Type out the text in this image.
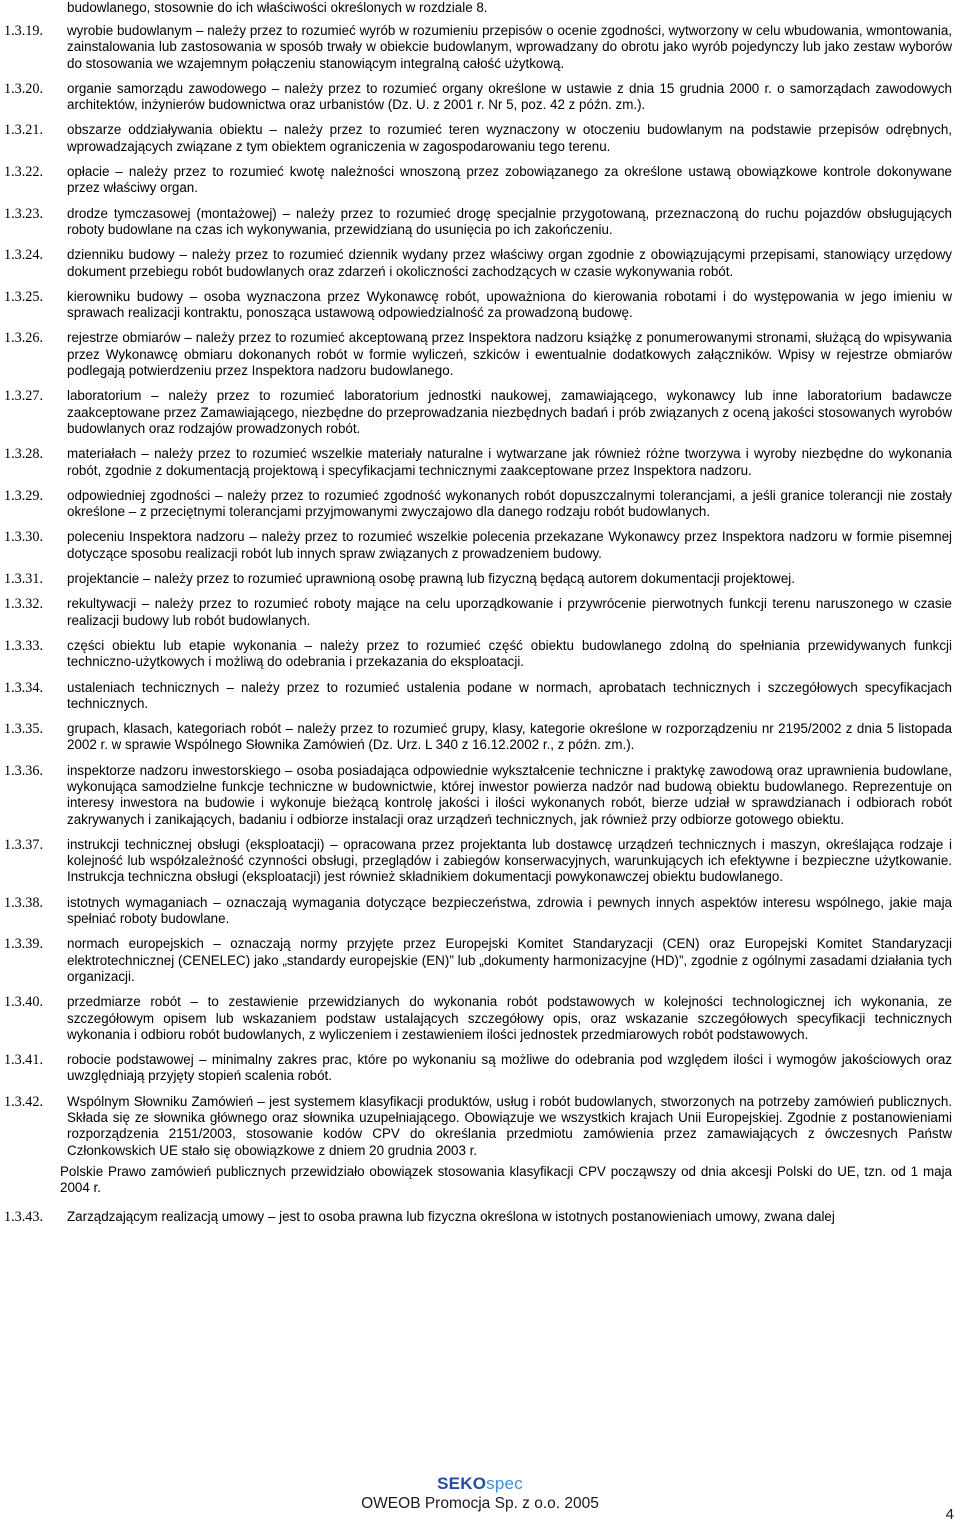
budowlanego, stosownie do ich właściwości określonych w rozdziale 8.
1.3.19.	wyrobie budowlanym – należy przez to rozumieć wyrób w rozumieniu przepisów o ocenie zgodności, wytworzony w celu wbudowania, wmontowania, zainstalowania lub zastosowania w sposób trwały w obiekcie budowlanym, wprowadzany do obrotu jako wyrób pojedynczy lub jako zestaw wyborów do stosowania we wzajemnym połączeniu stanowiącym integralną całość użytkową.
1.3.20.	organie samorządu zawodowego – należy przez to rozumieć organy określone w ustawie z dnia 15 grudnia 2000 r. o samorządach zawodowych architektów, inżynierów budownictwa oraz urbanistów (Dz. U. z 2001 r. Nr 5, poz. 42 z późn. zm.).
1.3.21.	obszarze oddziaływania obiektu – należy przez to rozumieć teren wyznaczony w otoczeniu budowlanym na podstawie przepisów odrębnych, wprowadzających związane z tym obiektem ograniczenia w zagospodarowaniu tego terenu.
1.3.22.	opłacie – należy przez to rozumieć kwotę należności wnoszoną przez zobowiązanego za określone ustawą obowiązkowe kontrole dokonywane przez właściwy organ.
1.3.23.	drodze tymczasowej (montażowej) – należy przez to rozumieć drogę specjalnie przygotowaną, przeznaczoną do ruchu pojazdów obsługujących roboty budowlane na czas ich wykonywania, przewidzianą do usunięcia po ich zakończeniu.
1.3.24.	dzienniku budowy – należy przez to rozumieć dziennik wydany przez właściwy organ zgodnie z obowiązującymi przepisami, stanowiący urzędowy dokument przebiegu robót budowlanych oraz zdarzeń i okoliczności zachodzących w czasie wykonywania robót.
1.3.25.	kierowniku budowy – osoba wyznaczona przez Wykonawcę robót, upoważniona do kierowania robotami i do występowania w jego imieniu w sprawach realizacji kontraktu, ponosząca ustawową odpowiedzialność za prowadzoną budowę.
1.3.26.	rejestrze obmiarów – należy przez to rozumieć akceptowaną przez Inspektora nadzoru książkę z ponumerowanymi stronami, służącą do wpisywania przez Wykonawcę obmiaru dokonanych robót w formie wyliczeń, szkiców i ewentualnie dodatkowych załączników. Wpisy w rejestrze obmiarów podlegają potwierdzeniu przez Inspektora nadzoru budowlanego.
1.3.27.	laboratorium – należy przez to rozumieć laboratorium jednostki naukowej, zamawiającego, wykonawcy lub inne laboratorium badawcze zaakceptowane przez Zamawiającego, niezbędne do przeprowadzania niezbędnych badań i prób związanych z oceną jakości stosowanych wyrobów budowlanych oraz rodzajów prowadzonych robót.
1.3.28.	materiałach – należy przez to rozumieć wszelkie materiały naturalne i wytwarzane jak również różne tworzywa i wyroby niezbędne do wykonania robót, zgodnie z dokumentacją projektową i specyfikacjami technicznymi zaakceptowane przez Inspektora nadzoru.
1.3.29.	odpowiedniej zgodności – należy przez to rozumieć zgodność wykonanych robót dopuszczalnymi tolerancjami, a jeśli granice tolerancji nie zostały określone – z przeciętnymi tolerancjami przyjmowanymi zwyczajowo dla danego rodzaju robót budowlanych.
1.3.30.	poleceniu Inspektora nadzoru – należy przez to rozumieć wszelkie polecenia przekazane Wykonawcy przez Inspektora nadzoru w formie pisemnej dotyczące sposobu realizacji robót lub innych spraw związanych z prowadzeniem budowy.
1.3.31.	projektancie – należy przez to rozumieć uprawnioną osobę prawną lub fizyczną będącą autorem dokumentacji projektowej.
1.3.32.	rekultywacji – należy przez to rozumieć roboty mające na celu uporządkowanie i przywrócenie pierwotnych funkcji terenu naruszonego w czasie realizacji budowy lub robót budowlanych.
1.3.33.	części obiektu lub etapie wykonania – należy przez to rozumieć część obiektu budowlanego zdolną do spełniania przewidywanych funkcji techniczno-użytkowych i możliwą do odebrania i przekazania do eksploatacji.
1.3.34.	ustaleniach technicznych – należy przez to rozumieć ustalenia podane w normach, aprobatach technicznych i szczegółowych specyfikacjach technicznych.
1.3.35.	grupach, klasach, kategoriach robót – należy przez to rozumieć grupy, klasy, kategorie określone w rozporządzeniu nr 2195/2002 z dnia 5 listopada 2002 r. w sprawie Wspólnego Słownika Zamówień (Dz. Urz. L 340 z 16.12.2002 r., z późn. zm.).
1.3.36.	inspektorze nadzoru inwestorskiego – osoba posiadająca odpowiednie wykształcenie techniczne i praktykę zawodową oraz uprawnienia budowlane, wykonująca samodzielne funkcje techniczne w budownictwie, której inwestor powierza nadzór nad budową obiektu budowlanego. Reprezentuje on interesy inwestora na budowie i wykonuje bieżącą kontrolę jakości i ilości wykonanych robót, bierze udział w sprawdzianach i odbiorach robót zakrywanych i zanikających, badaniu i odbiorze instalacji oraz urządzeń technicznych, jak również przy odbiorze gotowego obiektu.
1.3.37.	instrukcji technicznej obsługi (eksploatacji) – opracowana przez projektanta lub dostawcę urządzeń technicznych i maszyn, określająca rodzaje i kolejność lub współzależność czynności obsługi, przeglądów i zabiegów konserwacyjnych, warunkujących ich efektywne i bezpieczne użytkowanie. Instrukcja techniczna obsługi (eksploatacji) jest również składnikiem dokumentacji powykonawczej obiektu budowlanego.
1.3.38.	istotnych wymaganiach – oznaczają wymagania dotyczące bezpieczeństwa, zdrowia i pewnych innych aspektów interesu wspólnego, jakie maja spełniać roboty budowlane.
1.3.39.	normach europejskich – oznaczają normy przyjęte przez Europejski Komitet Standaryzacji (CEN) oraz Europejski Komitet Standaryzacji elektrotechnicznej (CENELEC) jako „standardy europejskie (EN)” lub „dokumenty harmonizacyjne (HD)”, zgodnie z ogólnymi zasadami działania tych organizacji.
1.3.40.	przedmiarze robót – to zestawienie przewidzianych do wykonania robót podstawowych w kolejności technologicznej ich wykonania, ze szczegółowym opisem lub wskazaniem podstaw ustalających szczegółowy opis, oraz wskazanie szczegółowych specyfikacji technicznych wykonania i odbioru robót budowlanych, z wyliczeniem i zestawieniem ilości jednostek przedmiarowych robót podstawowych.
1.3.41.	robocie podstawowej – minimalny zakres prac, które po wykonaniu są możliwe do odebrania pod względem ilości i wymogów jakościowych oraz uwzględniają przyjęty stopień scalenia robót.
1.3.42.	Wspólnym Słowniku Zamówień – jest systemem klasyfikacji produktów, usług i robót budowlanych, stworzonych na potrzeby zamówień publicznych. Składa się ze słownika głównego oraz słownika uzupełniającego. Obowiązuje we wszystkich krajach Unii Europejskiej. Zgodnie z postanowieniami rozporządzenia 2151/2003, stosowanie kodów CPV do określania przedmiotu zamówienia przez zamawiających z ówczesnych Państw Członkowskich UE stało się obowiązkowe z dniem 20 grudnia 2003 r.
Polskie Prawo zamówień publicznych przewidziało obowiązek stosowania klasyfikacji CPV począwszy od dnia akcesji Polski do UE, tzn. od 1 maja 2004 r.
1.3.43.	Zarządzającym realizacją umowy – jest to osoba prawna lub fizyczna określona w istotnych postanowieniach umowy, zwana dalej
SEKOspec
OWEOB Promocja Sp. z o.o. 2005
4
